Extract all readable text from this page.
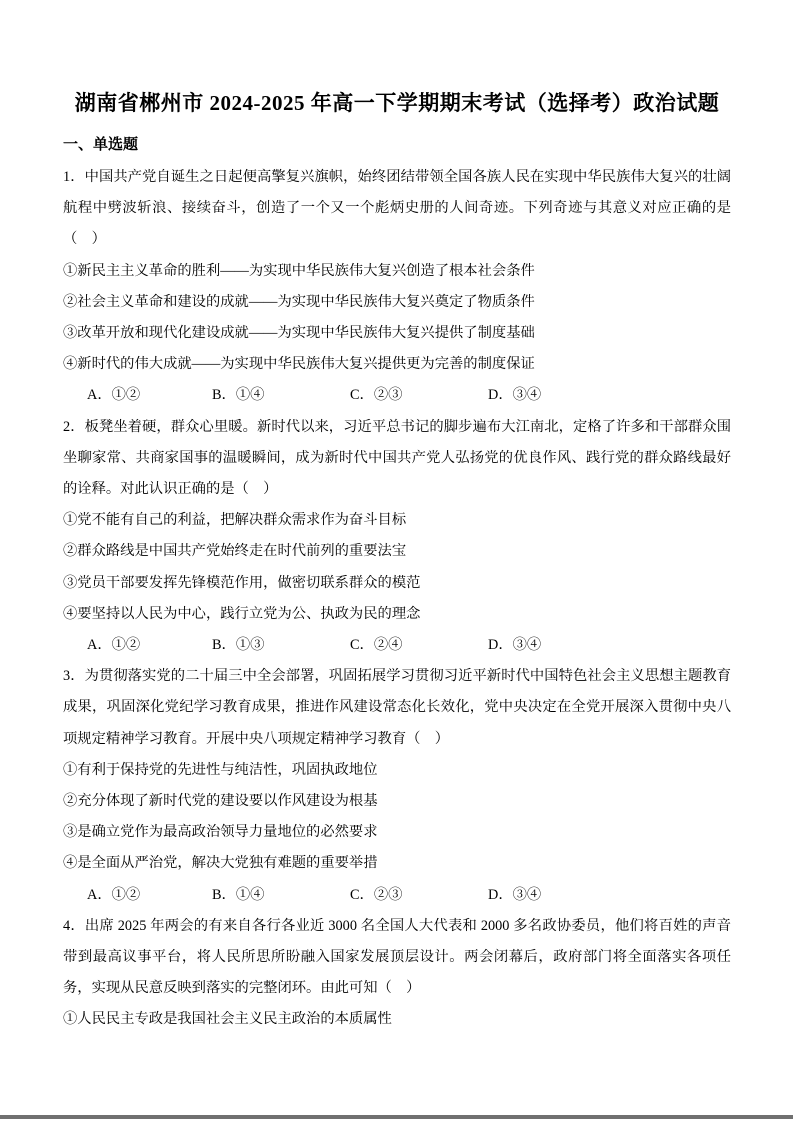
湖南省郴州市 2024-2025 年高一下学期期末考试（选择考）政治试题
一、单选题

1．中国共产党自诞生之日起便高擎复兴旗帜，始终团结带领全国各族人民在实现中华民族伟大复兴的壮阔航程中劈波斩浪、接续奋斗，创造了一个又一个彪炳史册的人间奇迹。下列奇迹与其意义对应正确的是（　）

①新民主主义革命的胜利——为实现中华民族伟大复兴创造了根本社会条件

②社会主义革命和建设的成就——为实现中华民族伟大复兴奠定了物质条件

③改革开放和现代化建设成就——为实现中华民族伟大复兴提供了制度基础

④新时代的伟大成就——为实现中华民族伟大复兴提供更为完善的制度保证

A．①②	B．①④	C．②③	D．③④

2．板凳坐着硬，群众心里暖。新时代以来，习近平总书记的脚步遍布大江南北，定格了许多和干部群众围坐聊家常、共商家国事的温暖瞬间，成为新时代中国共产党人弘扬党的优良作风、践行党的群众路线最好的诠释。对此认识正确的是（　）

①党不能有自己的利益，把解决群众需求作为奋斗目标

②群众路线是中国共产党始终走在时代前列的重要法宝

③党员干部要发挥先锋模范作用，做密切联系群众的模范

④要坚持以人民为中心，践行立党为公、执政为民的理念

A．①②	B．①③	C．②④	D．③④

3．为贯彻落实党的二十届三中全会部署，巩固拓展学习贯彻习近平新时代中国特色社会主义思想主题教育成果，巩固深化党纪学习教育成果，推进作风建设常态化长效化，党中央决定在全党开展深入贯彻中央八项规定精神学习教育。开展中央八项规定精神学习教育（　）

①有利于保持党的先进性与纯洁性，巩固执政地位

②充分体现了新时代党的建设要以作风建设为根基

③是确立党作为最高政治领导力量地位的必然要求

④是全面从严治党，解决大党独有难题的重要举措

A．①②	B．①④	C．②③	D．③④

4．出席 2025 年两会的有来自各行各业近 3000 名全国人大代表和 2000 多名政协委员，他们将百姓的声音带到最高议事平台，将人民所思所盼融入国家发展顶层设计。两会闭幕后，政府部门将全面落实各项任务，实现从民意反映到落实的完整闭环。由此可知（　）

①人民民主专政是我国社会主义民主政治的本质属性
